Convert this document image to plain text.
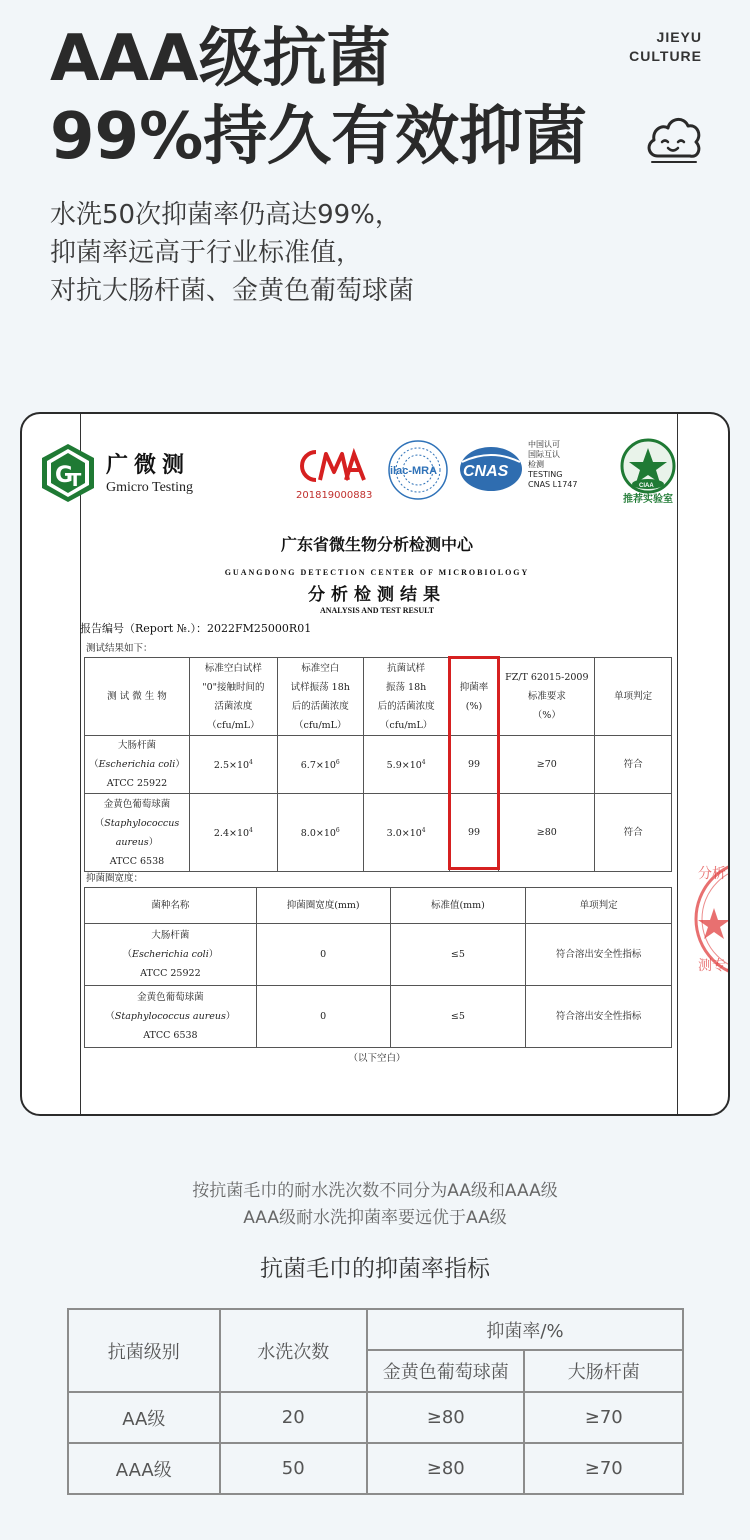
AAA级抗菌
99%持久有效抑菌
JIEYU
CULTURE
水洗50次抑菌率仍高达99%，
抑菌率远高于行业标准值，
对抗大肠杆菌、金黄色葡萄球菌
G
T
广微测
Gmicro Testing
201819000883
ilac-MRA CNAS
中国认可
国际互认
检测
TESTING
CNAS L1747	CIAA
推荐实验室
广东省微生物分析检测中心
GUANGDONG DETECTION CENTER OF MICROBIOLOGY
分析检测结果
ANALYSIS AND TEST RESULT
报告编号（Report №.）：2022FM25000R01
测试结果如下：
测 试 微 生 物	标准空白试样
"0"接触时间的
活菌浓度
（cfu/mL）	标准空白
试样振荡 18h
后的活菌浓度
（cfu/mL）	抗菌试样
振荡 18h
后的活菌浓度
（cfu/mL）	抑菌率
(%)	FZ/T 62015-2009
标准要求
（%）	单项判定

大肠杆菌
（Escherichia coli）
ATCC 25922	$2.5\times 10^4$	$6.7\times 10^6$	$5.9\times 10^4$	99	≥70	符合

金黄色葡萄球菌
（Staphylococcus
aureus）
ATCC 6538	$2.4\times 10^4$	$8.0\times 10^6$	$3.0\times 10^4$	99	≥80	符合
抑菌圈宽度：
菌种名称	抑菌圈宽度(mm)	标准值(mm)	单项判定

大肠杆菌
（Escherichia coli）
ATCC 25922	0	≤5	符合溶出安全性指标

金黄色葡萄球菌
（Staphylococcus aureus）
ATCC 6538	0	≤5	符合溶出安全性指标
（以下空白）
分析
测专用
按抗菌毛巾的耐水洗次数不同分为AA级和AAA级
AAA级耐水洗抑菌率要远优于AA级
抗菌毛巾的抑菌率指标
抗菌级别	水洗次数	抑菌率/%	
		金黄色葡萄球菌	大肠杆菌
AA级	20	≥80	≥70
AAA级	50	≥80	≥70
